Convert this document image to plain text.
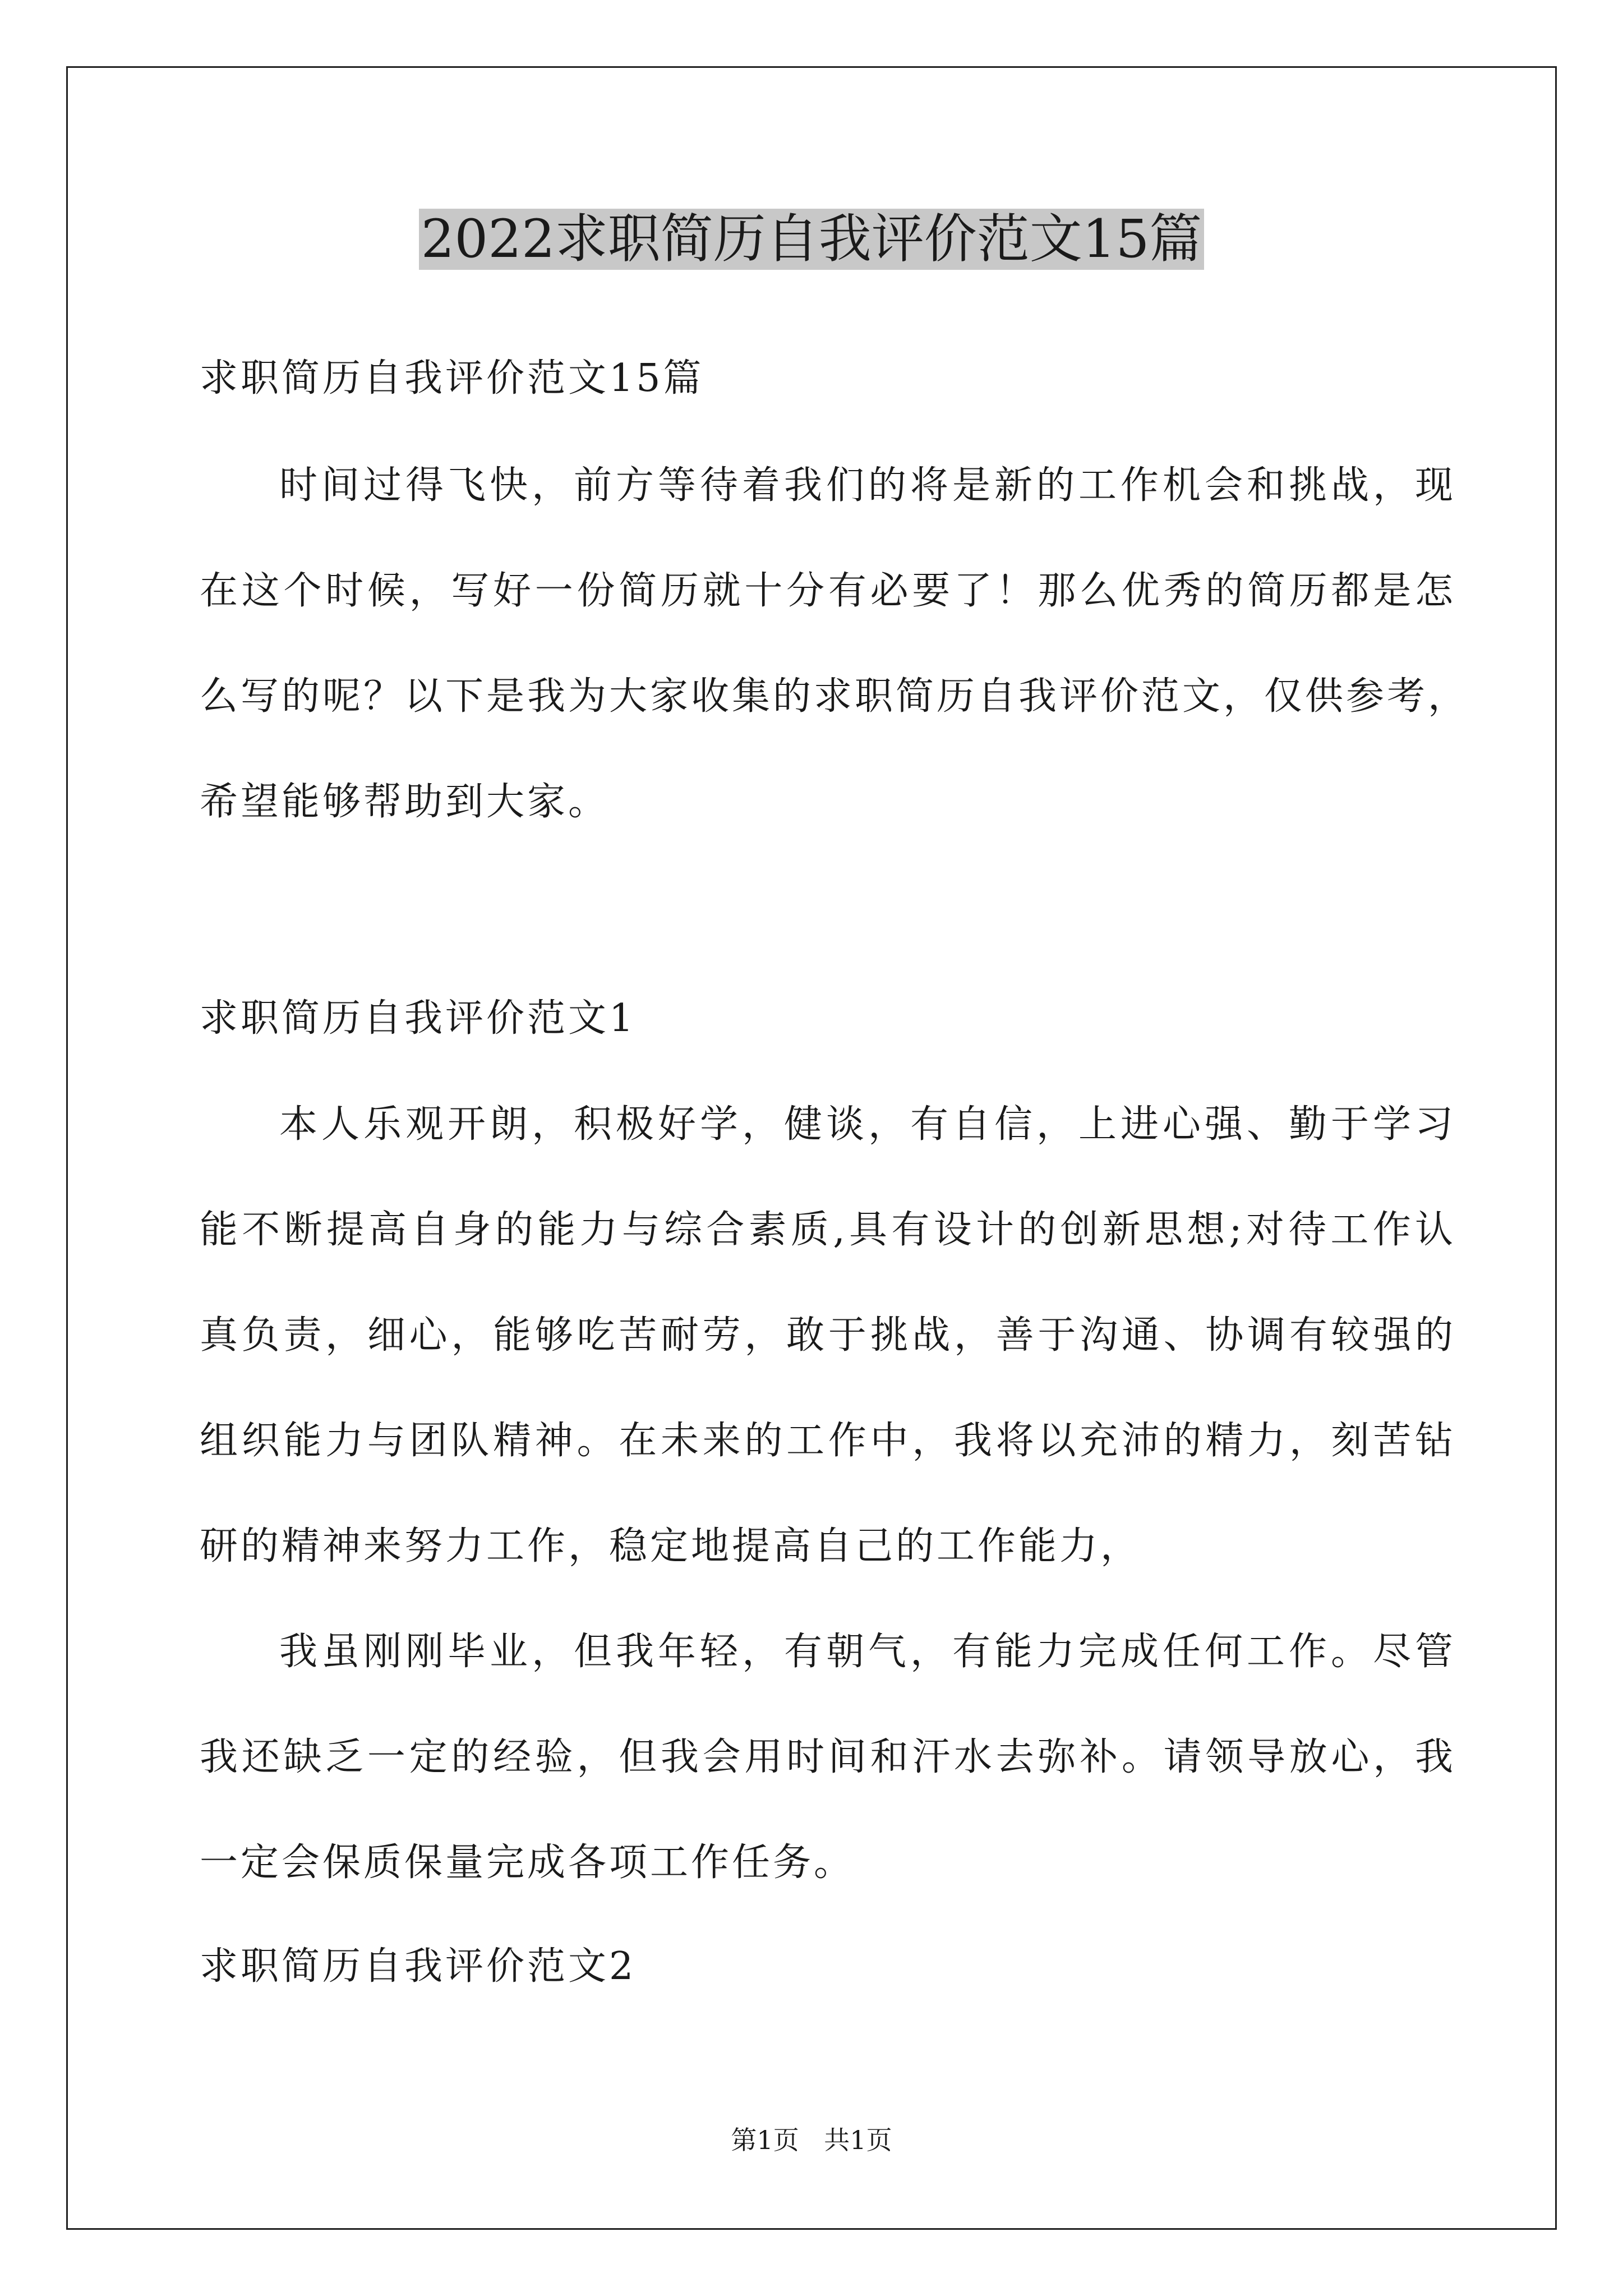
2022求职简历自我评价范文15篇
求职简历自我评价范文15篇
时间过得飞快，前方等待着我们的将是新的工作机会和挑战，现
在这个时候，写好一份简历就十分有必要了！那么优秀的简历都是怎
么写的呢？以下是我为大家收集的求职简历自我评价范文，仅供参考，
希望能够帮助到大家。
求职简历自我评价范文1
本人乐观开朗，积极好学，健谈，有自信，上进心强、勤于学习
能不断提高自身的能力与综合素质,具有设计的创新思想;对待工作认
真负责，细心，能够吃苦耐劳，敢于挑战，善于沟通、协调有较强的
组织能力与团队精神。在未来的工作中，我将以充沛的精力，刻苦钻
研的精神来努力工作，稳定地提高自己的工作能力，
我虽刚刚毕业，但我年轻，有朝气，有能力完成任何工作。尽管
我还缺乏一定的经验，但我会用时间和汗水去弥补。请领导放心，我
一定会保质保量完成各项工作任务。
求职简历自我评价范文2
第1页 共1页
